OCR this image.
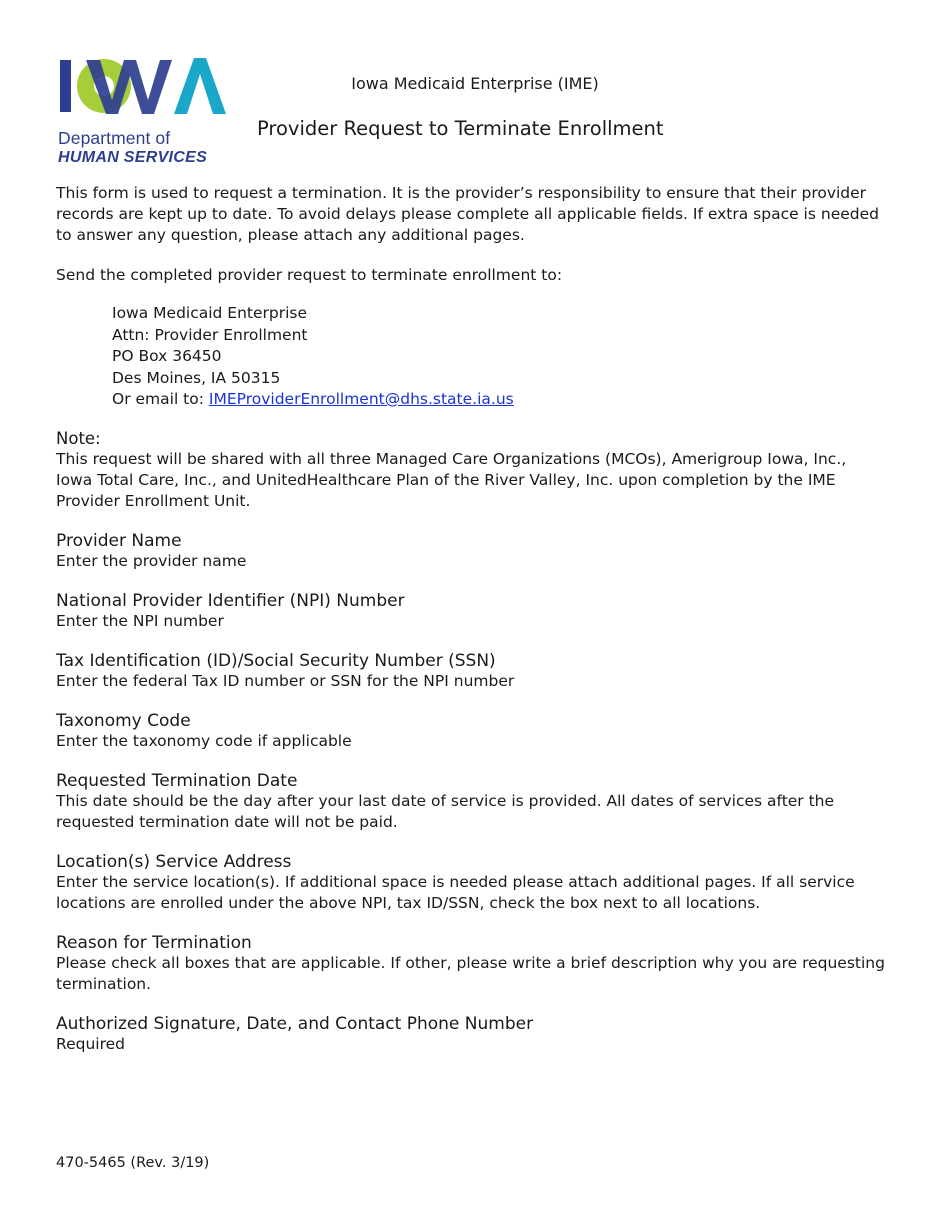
Department of
HUMAN SERVICES
Iowa Medicaid Enterprise (IME)
Provider Request to Terminate Enrollment

This form is used to request a termination. It is the provider’s responsibility to ensure that their provider records are kept up to date. To avoid delays please complete all applicable fields. If extra space is needed to answer any question, please attach any additional pages.

Send the completed provider request to terminate enrollment to:

Iowa Medicaid Enterprise
Attn: Provider Enrollment
PO Box 36450
Des Moines, IA 50315
Or email to: IMEProviderEnrollment@dhs.state.ia.us
Note:
This request will be shared with all three Managed Care Organizations (MCOs), Amerigroup Iowa, Inc., Iowa Total Care, Inc., and UnitedHealthcare Plan of the River Valley, Inc. upon completion by the IME Provider Enrollment Unit.
Provider Name
Enter the provider name
National Provider Identifier (NPI) Number
Enter the NPI number
Tax Identification (ID)/Social Security Number (SSN)
Enter the federal Tax ID number or SSN for the NPI number
Taxonomy Code
Enter the taxonomy code if applicable
Requested Termination Date
This date should be the day after your last date of service is provided. All dates of services after the requested termination date will not be paid.
Location(s) Service Address
Enter the service location(s). If additional space is needed please attach additional pages. If all service locations are enrolled under the above NPI, tax ID/SSN, check the box next to all locations.
Reason for Termination
Please check all boxes that are applicable. If other, please write a brief description why you are requesting termination.
Authorized Signature, Date, and Contact Phone Number
Required
470-5465 (Rev. 3/19)
